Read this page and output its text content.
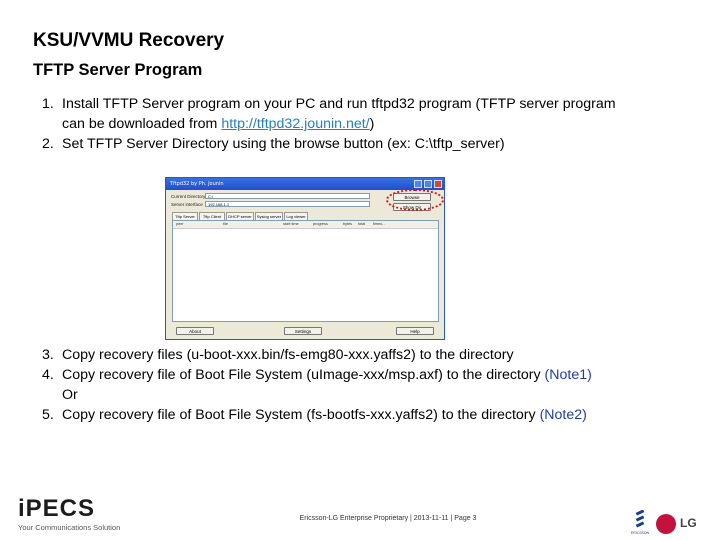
KSU/VVMU Recovery
TFTP Server Program
1. Install TFTP Server program on your PC and run tftpd32 program (TFTP server program
can be downloaded from http://tftpd32.jounin.net/)
2. Set TFTP Server Directory using the browse button (ex: C:\tftp_server)
Tftpd32 by Ph. Jounin
Current Directory C:\
Server interface	192.168.1.1
Browse
Show Dir
Tftp Server	Tftp Client	DHCP server	Syslog server	Log viewer
peer	file	start time	progress	bytes total timeo...
About	Settings	Help
3. Copy recovery files (u-boot-xxx.bin/fs-emg80-xxx.yaffs2) to the directory
4. Copy recovery file of Boot File System (uImage-xxx/msp.axf) to the directory (Note1)
Or
5. Copy recovery file of Boot File System (fs-bootfs-xxx.yaffs2) to the directory (Note2)
iPECS
Your Communications Solution
Ericsson-LG Enterprise Proprietary | 2013-11-11 | Page 3
ERICSSON
LG
